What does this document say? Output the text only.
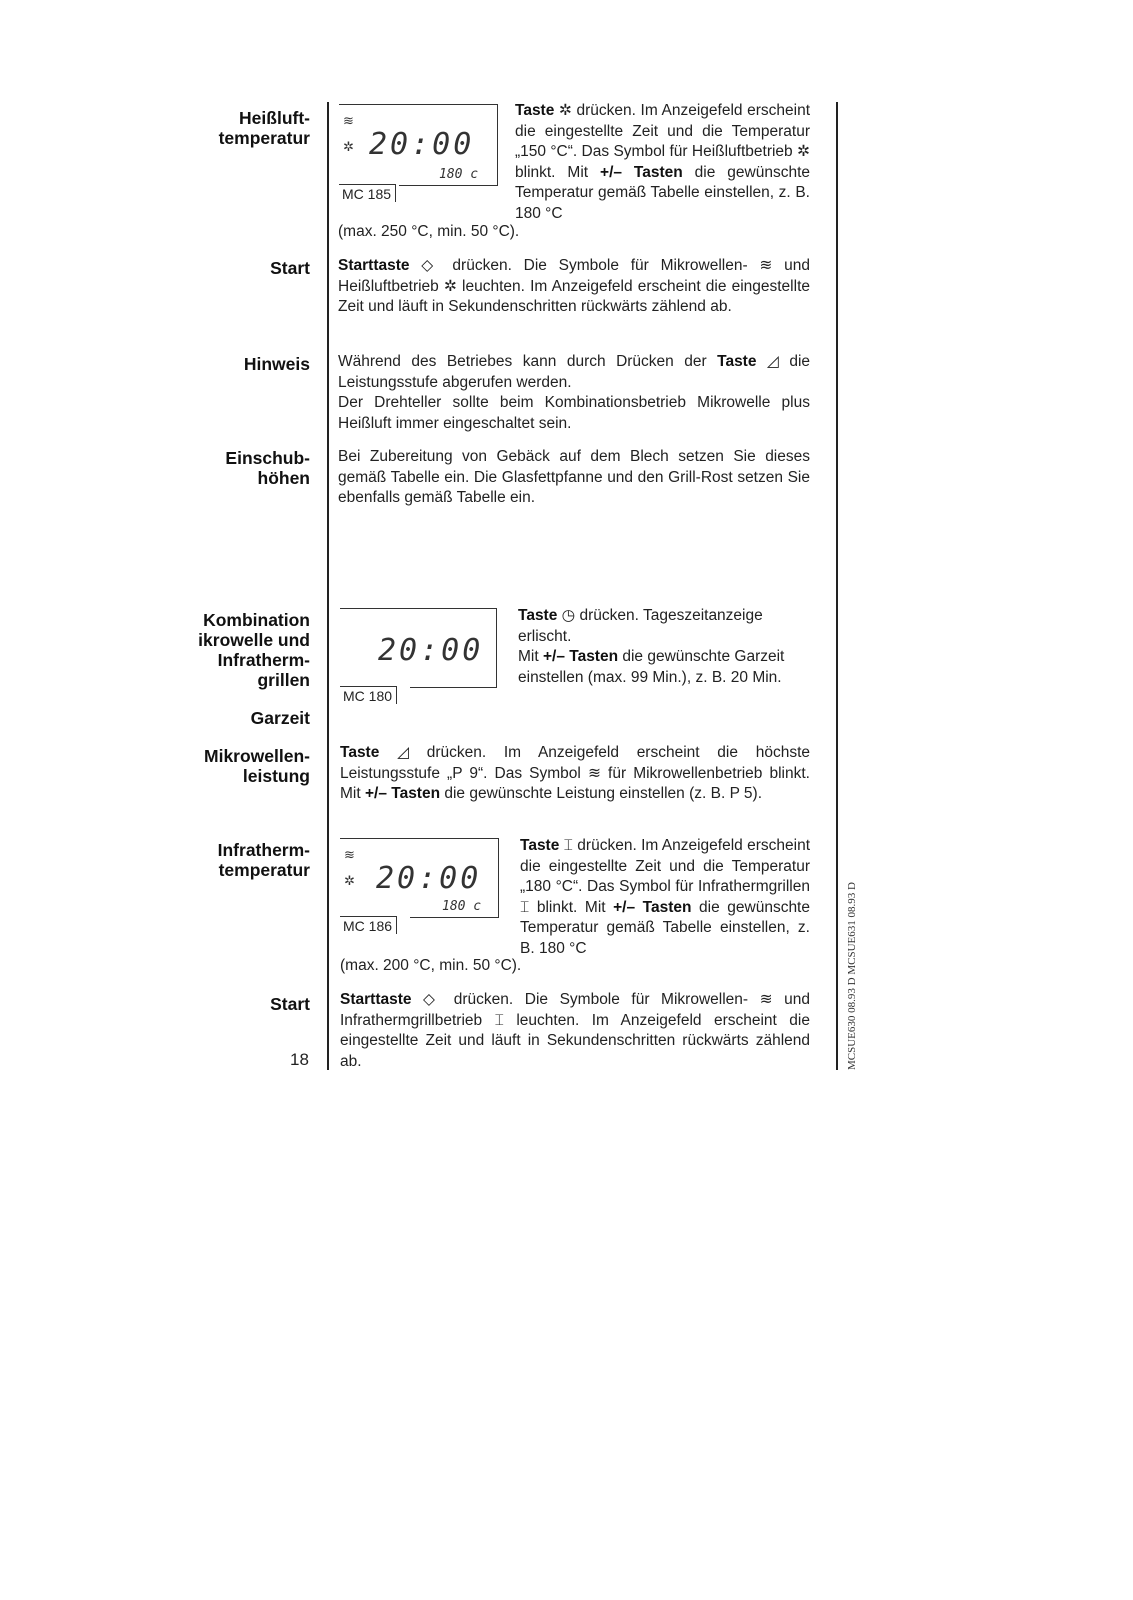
Heißluft-
temperatur
Start
Hinweis
Einschub-
höhen
Kombination
ikrowelle und
Infratherm-
grillen
Garzeit
Mikrowellen-
leistung
Infratherm-
temperatur
Start
≋
✲ 20:00
180 c
MC 185
Taste ✲ drücken. Im Anzeigefeld erscheint die eingestellte Zeit und die Temperatur „150 °C“. Das Symbol für Heißluftbetrieb ✲ blinkt. Mit +/– Tasten die gewünschte Temperatur gemäß Tabelle einstellen, z. B. 180 °C
(max. 250 °C, min. 50 °C).
Starttaste ◇ drücken. Die Symbole für Mikrowellen- ≋ und Heißluftbetrieb ✲ leuchten. Im Anzeigefeld erscheint die eingestellte Zeit und läuft in Sekundenschritten rückwärts zählend ab.

Während des Betriebes kann durch Drücken der Taste ◿ die Leistungsstufe abgerufen werden.

Der Drehteller sollte beim Kombinationsbetrieb Mikrowelle plus Heißluft immer eingeschaltet sein.

Bei Zubereitung von Gebäck auf dem Blech setzen Sie dieses gemäß Tabelle ein. Die Glasfettpfanne und den Grill-Rost setzen Sie ebenfalls gemäß Tabelle ein.
20:00
MC 180

Taste ◷ drücken. Tageszeitanzeige erlischt.

Mit +/– Tasten die gewünschte Garzeit einstellen (max. 99 Min.), z. B. 20 Min.

Taste ◿ drücken. Im Anzeigefeld erscheint die höchste Leistungsstufe „P 9“. Das Symbol ≋ für Mikrowellenbetrieb blinkt. Mit +/– Tasten die gewünschte Leistung einstellen (z. B. P 5).
≋
✲ 20:00
180 c
MC 186
Taste ⌶ drücken. Im Anzeigefeld erscheint die eingestellte Zeit und die Temperatur „180 °C“. Das Symbol für Infrathermgrillen ⌶ blinkt. Mit +/– Tasten die gewünschte Temperatur gemäß Tabelle einstellen, z. B. 180 °C
(max. 200 °C, min. 50 °C).
Starttaste ◇ drücken. Die Symbole für Mikrowellen- ≋ und Infrathermgrillbetrieb ⌶ leuchten. Im Anzeigefeld erscheint die eingestellte Zeit und läuft in Sekundenschritten rückwärts zählend ab.
18	MCSUE630 08.93 D MCSUE631 08.93 D
